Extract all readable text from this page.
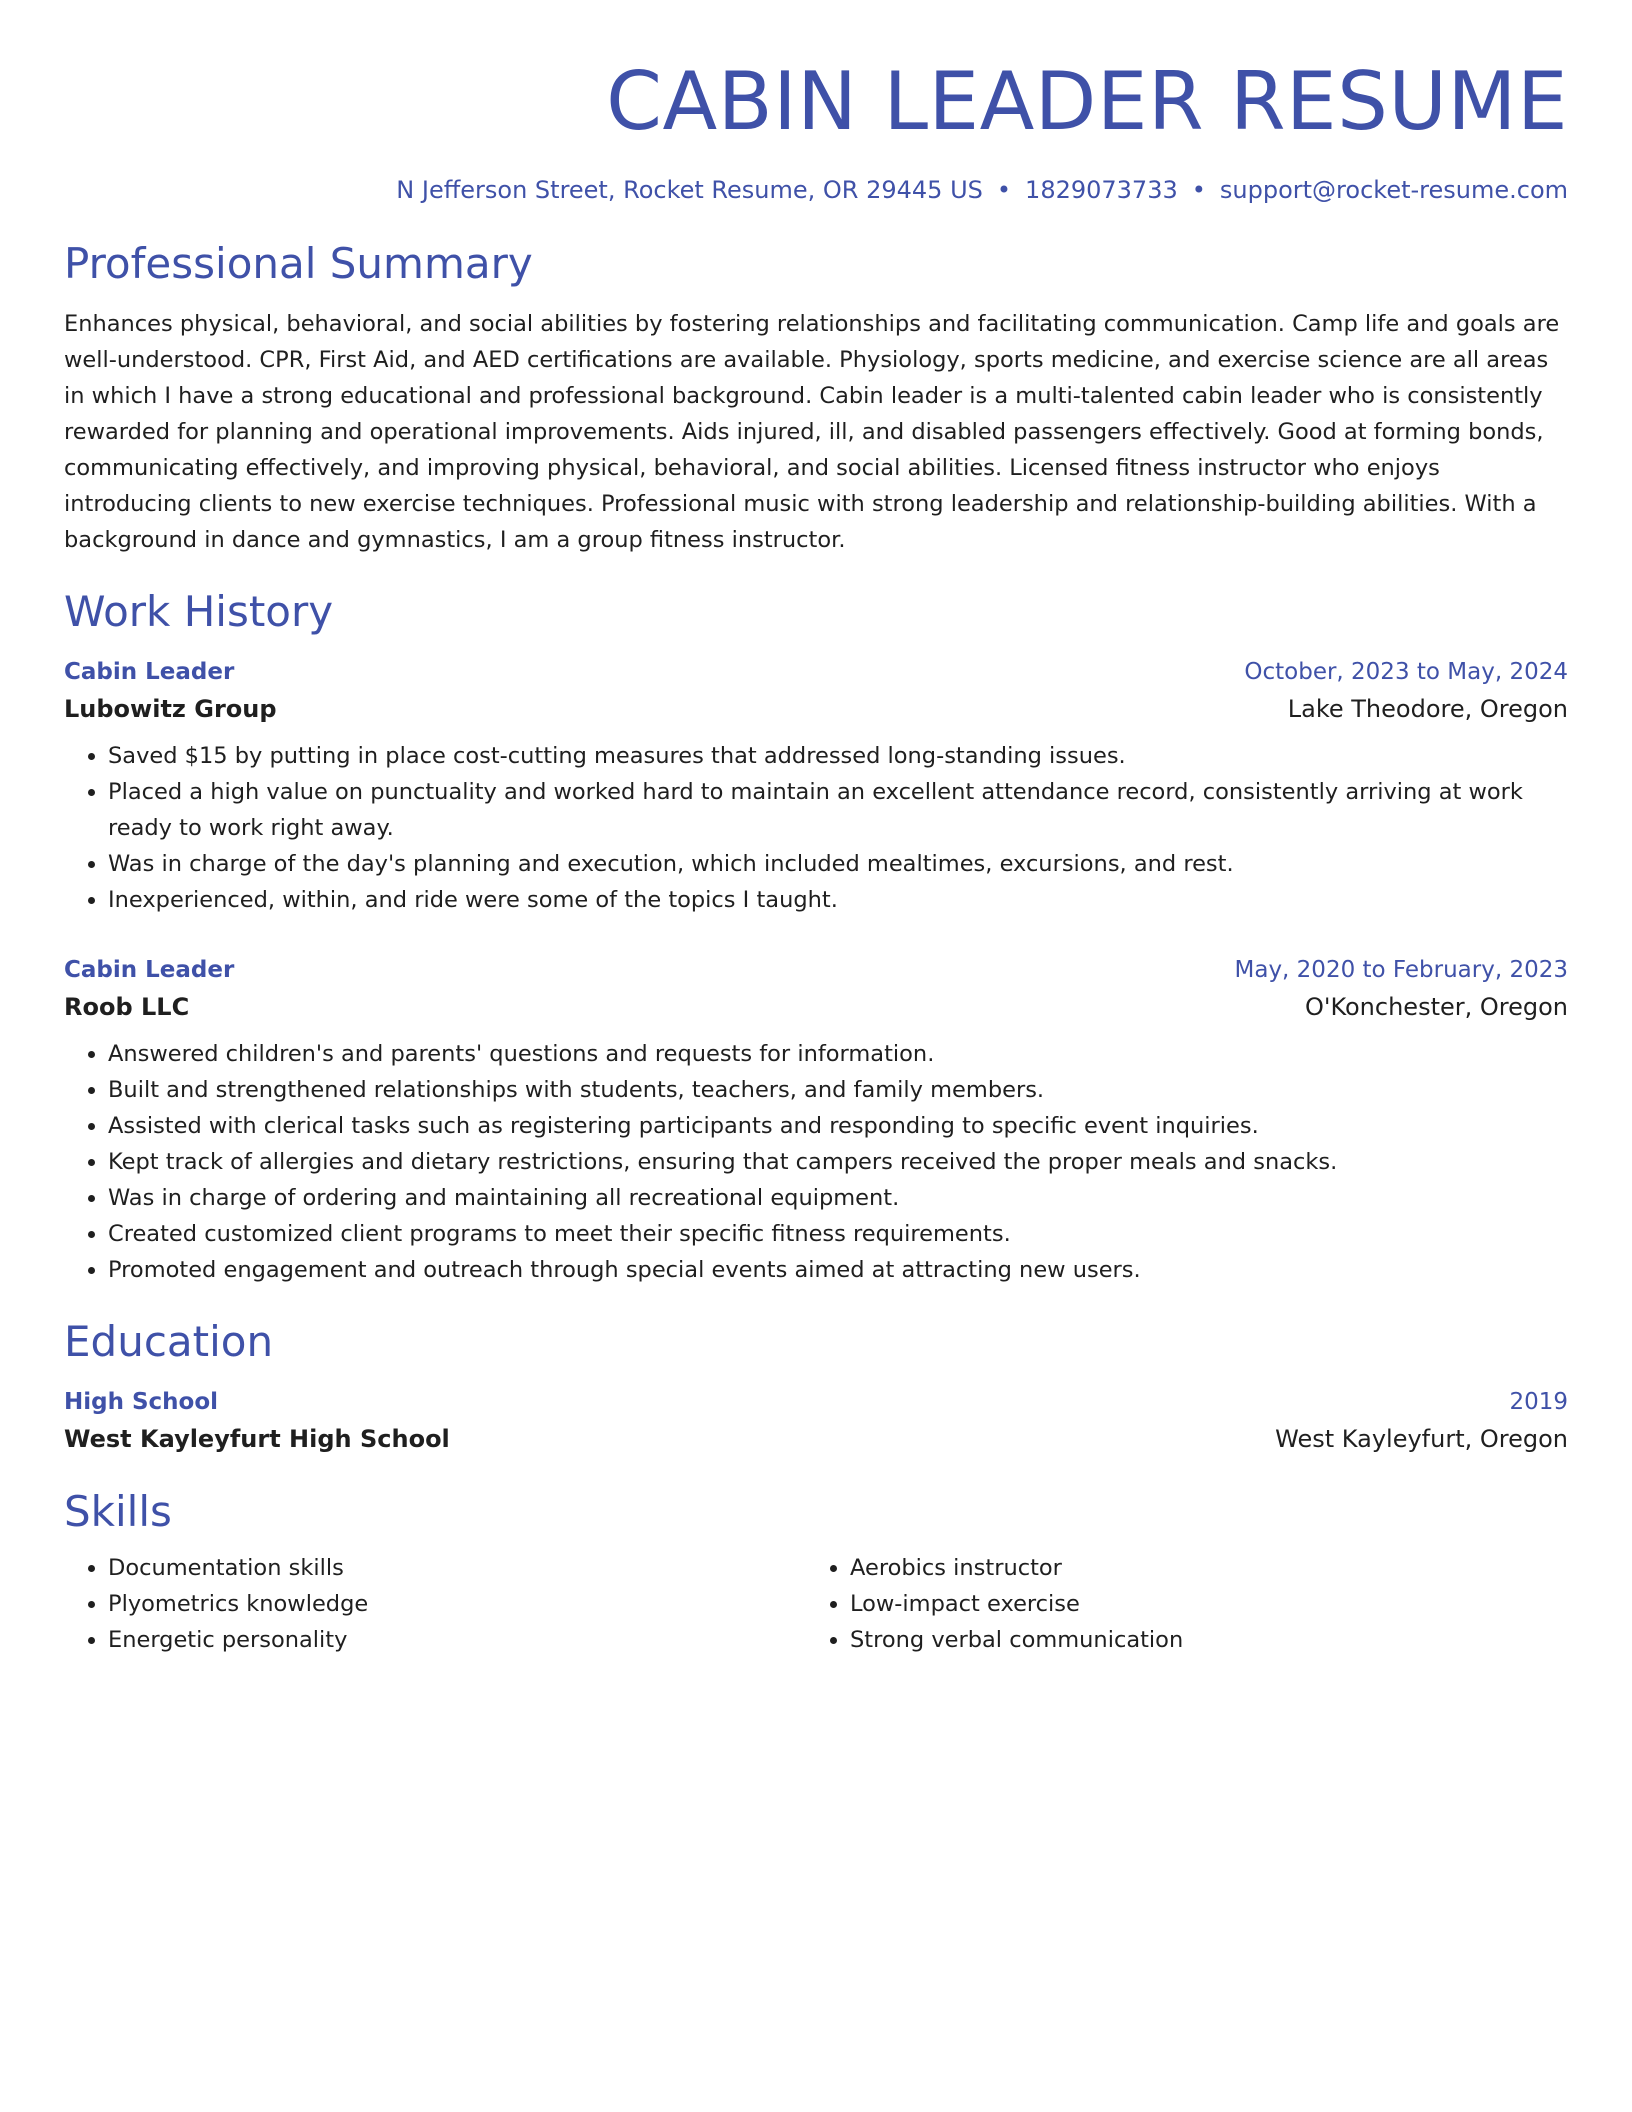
CABIN LEADER RESUME
N Jefferson Street, Rocket Resume, OR 29445 US • 1829073733 • support@rocket-resume.com
Professional Summary
Enhances physical, behavioral, and social abilities by fostering relationships and facilitating communication. Camp life and goals are well-understood. CPR, First Aid, and AED certifications are available. Physiology, sports medicine, and exercise science are all areas in which I have a strong educational and professional background. Cabin leader is a multi-talented cabin leader who is consistently rewarded for planning and operational improvements. Aids injured, ill, and disabled passengers effectively. Good at forming bonds, communicating effectively, and improving physical, behavioral, and social abilities. Licensed fitness instructor who enjoys introducing clients to new exercise techniques. Professional music with strong leadership and relationship-building abilities. With a background in dance and gymnastics, I am a group fitness instructor.
Work History
Cabin Leader	October, 2023 to May, 2024
Lubowitz Group	Lake Theodore, Oregon
• Saved $15 by putting in place cost-cutting measures that addressed long-standing issues.
• Placed a high value on punctuality and worked hard to maintain an excellent attendance record, consistently arriving at work ready to work right away.
• Was in charge of the day's planning and execution, which included mealtimes, excursions, and rest.
• Inexperienced, within, and ride were some of the topics I taught.
Cabin Leader	May, 2020 to February, 2023
Roob LLC	O'Konchester, Oregon
• Answered children's and parents' questions and requests for information.
• Built and strengthened relationships with students, teachers, and family members.
• Assisted with clerical tasks such as registering participants and responding to specific event inquiries.
• Kept track of allergies and dietary restrictions, ensuring that campers received the proper meals and snacks.
• Was in charge of ordering and maintaining all recreational equipment.
• Created customized client programs to meet their specific fitness requirements.
• Promoted engagement and outreach through special events aimed at attracting new users.
Education
High School	2019
West Kayleyfurt High School	West Kayleyfurt, Oregon
Skills
• Documentation skills
• Plyometrics knowledge
• Energetic personality
• Aerobics instructor
• Low-impact exercise
• Strong verbal communication
